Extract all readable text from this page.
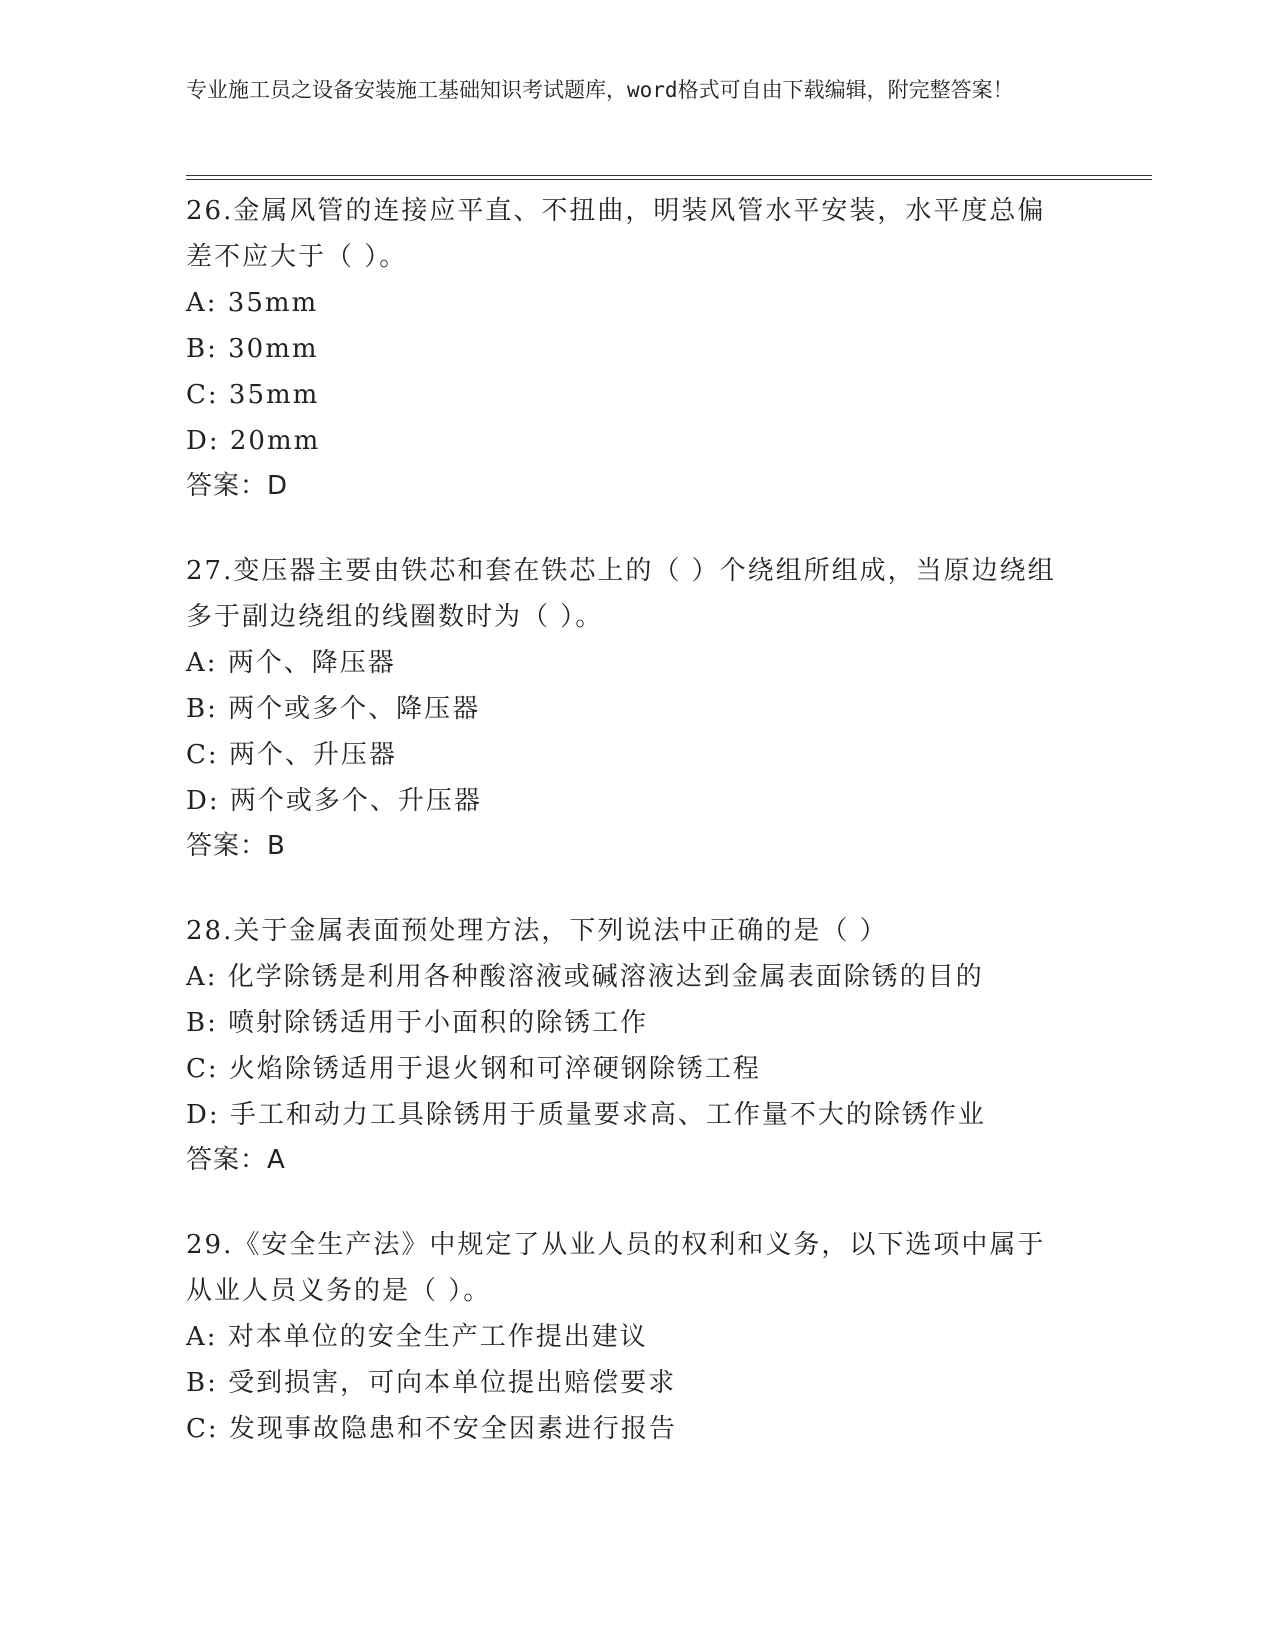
专业施工员之设备安装施工基础知识考试题库，word格式可自由下载编辑，附完整答案！
26.金属风管的连接应平直、不扭曲，明装风管水平安装，水平度总偏差不应大于（ ）。
A: 35mm
B: 30mm
C: 35mm
D: 20mm
答案：D
27.变压器主要由铁芯和套在铁芯上的（ ）个绕组所组成，当原边绕组多于副边绕组的线圈数时为（ ）。
A: 两个、降压器
B: 两个或多个、降压器
C: 两个、升压器
D: 两个或多个、升压器
答案：B
28.关于金属表面预处理方法，下列说法中正确的是（ ）
A: 化学除锈是利用各种酸溶液或碱溶液达到金属表面除锈的目的
B: 喷射除锈适用于小面积的除锈工作
C: 火焰除锈适用于退火钢和可淬硬钢除锈工程
D: 手工和动力工具除锈用于质量要求高、工作量不大的除锈作业
答案：A
29.《安全生产法》中规定了从业人员的权利和义务，以下选项中属于从业人员义务的是（ ）。
A: 对本单位的安全生产工作提出建议
B: 受到损害，可向本单位提出赔偿要求
C: 发现事故隐患和不安全因素进行报告
